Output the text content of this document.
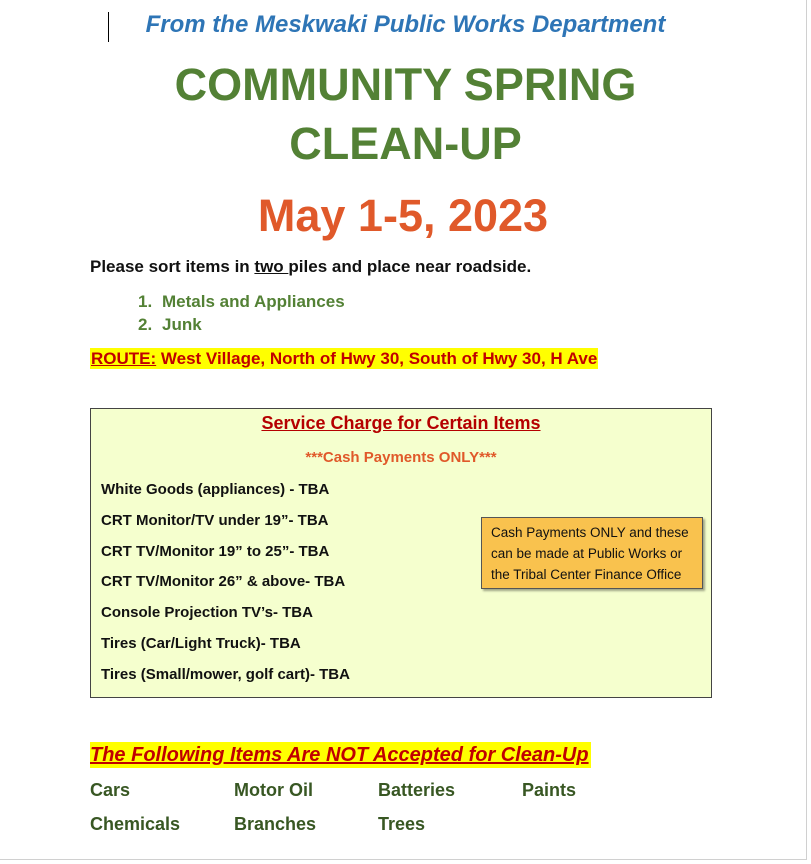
From the Meskwaki Public Works Department
COMMUNITY SPRING
CLEAN-UP
May 1-5, 2023
Please sort items in two piles and place near roadside.
1. Metals and Appliances
2. Junk
ROUTE: West Village, North of Hwy 30, South of Hwy 30, H Ave
Service Charge for Certain Items
***Cash Payments ONLY***
White Goods (appliances) - TBA
CRT Monitor/TV under 19”- TBA
CRT TV/Monitor 19” to 25”- TBA
CRT TV/Monitor 26” & above- TBA
Console Projection TV’s- TBA
Tires (Car/Light Truck)- TBA
Tires (Small/mower, golf cart)- TBA
Cash Payments ONLY and these can be made at Public Works or the Tribal Center Finance Office
The Following Items Are NOT Accepted for Clean-Up
Cars	Motor Oil	Batteries	Paints
Chemicals	Branches	Trees
